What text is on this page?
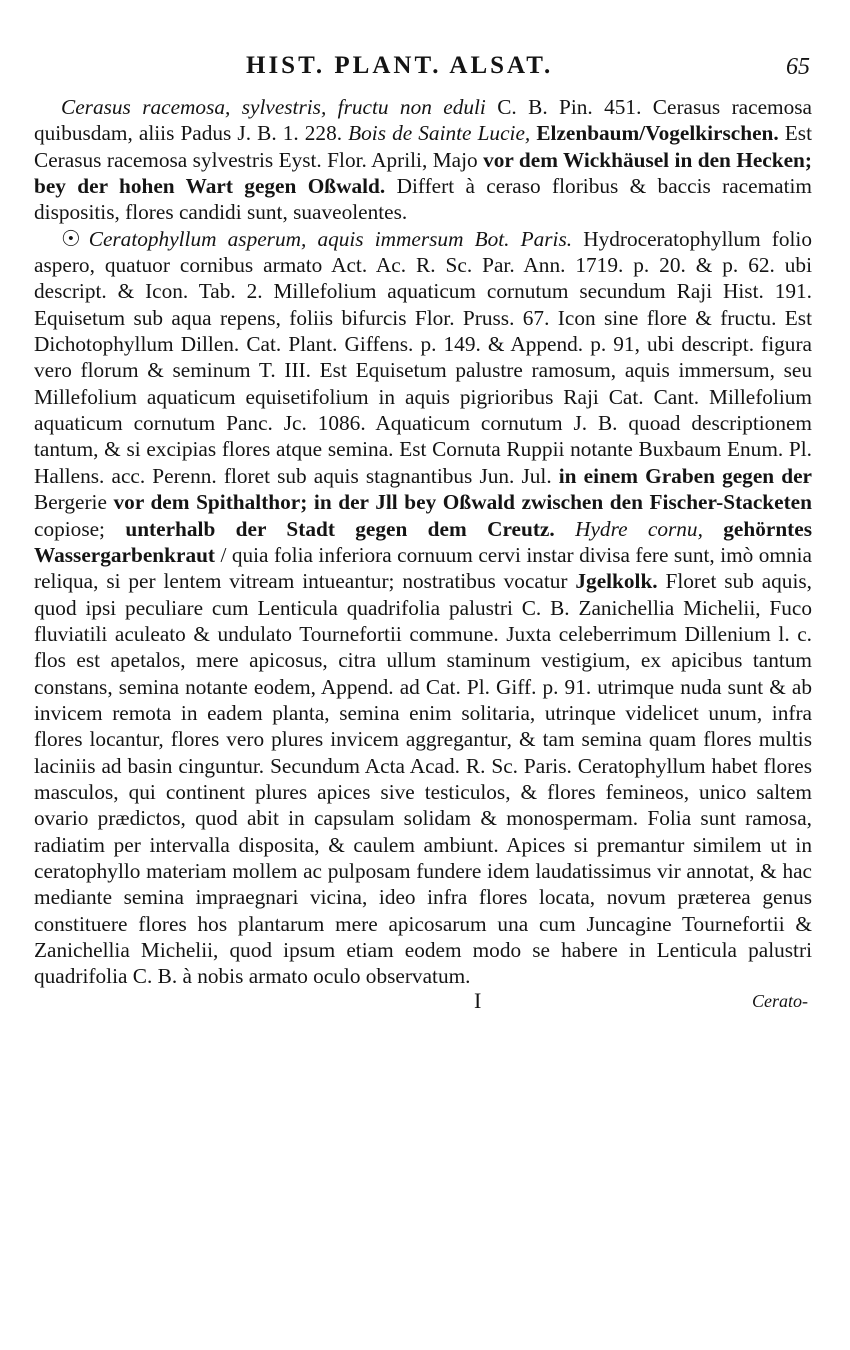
HIST. PLANT. ALSAT.	65

Cerasus racemosa, sylvestris, fructu non eduli C. B. Pin. 451. Cerasus racemosa quibusdam, aliis Padus J. B. 1. 228. Bois de Sainte Lucie, Elzenbaum/Vogelkirschen. Est Cerasus racemosa sylvestris Eyst. Flor. Aprili, Majo vor dem Wickhäusel in den Hecken; bey der hohen Wart gegen Oßwald. Differt à ceraso floribus & baccis racematim dispositis, flores candidi sunt, suaveolentes.

☉ Ceratophyllum asperum, aquis immersum Bot. Paris. Hydroceratophyllum folio aspero, quatuor cornibus armato Act. Ac. R. Sc. Par. Ann. 1719. p. 20. & p. 62. ubi descript. & Icon. Tab. 2. Millefolium aquaticum cornutum secundum Raji Hist. 191. Equisetum sub aqua repens, foliis bifurcis Flor. Pruss. 67. Icon sine flore & fructu. Est Dichotophyllum Dillen. Cat. Plant. Giffens. p. 149. & Append. p. 91, ubi descript. figura vero florum & seminum T. III. Est Equisetum palustre ramosum, aquis immersum, seu Millefolium aquaticum equisetifolium in aquis pigrioribus Raji Cat. Cant. Millefolium aquaticum cornutum Panc. Jc. 1086. Aquaticum cornutum J. B. quoad descriptionem tantum, & si excipias flores atque semina. Est Cornuta Ruppii notante Buxbaum Enum. Pl. Hallens. acc. Perenn. floret sub aquis stagnantibus Jun. Jul. in einem Graben gegen der Bergerie vor dem Spithalthor; in der Jll bey Oßwald zwischen den Fischer-Stacketen copiose; unterhalb der Stadt gegen dem Creutz. Hydre cornu, gehörntes Wassergarbenkraut / quia folia inferiora cornuum cervi instar divisa fere sunt, imò omnia reliqua, si per lentem vitream intueantur; nostratibus vocatur Jgelkolk. Floret sub aquis, quod ipsi peculiare cum Lenticula quadrifolia palustri C. B. Zanichellia Michelii, Fuco fluviatili aculeato & undulato Tournefortii commune. Juxta celeberrimum Dillenium l. c. flos est apetalos, mere apicosus, citra ullum staminum vestigium, ex apicibus tantum constans, semina notante eodem, Append. ad Cat. Pl. Giff. p. 91. utrimque nuda sunt & ab invicem remota in eadem planta, semina enim solitaria, utrinque videlicet unum, infra flores locantur, flores vero plures invicem aggregantur, & tam semina quam flores multis laciniis ad basin cinguntur. Secundum Acta Acad. R. Sc. Paris. Ceratophyllum habet flores masculos, qui continent plures apices sive testiculos, & flores femineos, unico saltem ovario prædictos, quod abit in capsulam solidam & monospermam. Folia sunt ramosa, radiatim per intervalla disposita, & caulem ambiunt. Apices si premantur similem ut in ceratophyllo materiam mollem ac pulposam fundere idem laudatissimus vir annotat, & hac mediante semina impraegnari vicina, ideo infra flores locata, novum præterea genus constituere flores hos plantarum mere apicosarum una cum Juncagine Tournefortii & Zanichellia Michelii, quod ipsum etiam eodem modo se habere in Lenticula palustri quadrifolia C. B. à nobis armato oculo observatum.

I	Cerato-
